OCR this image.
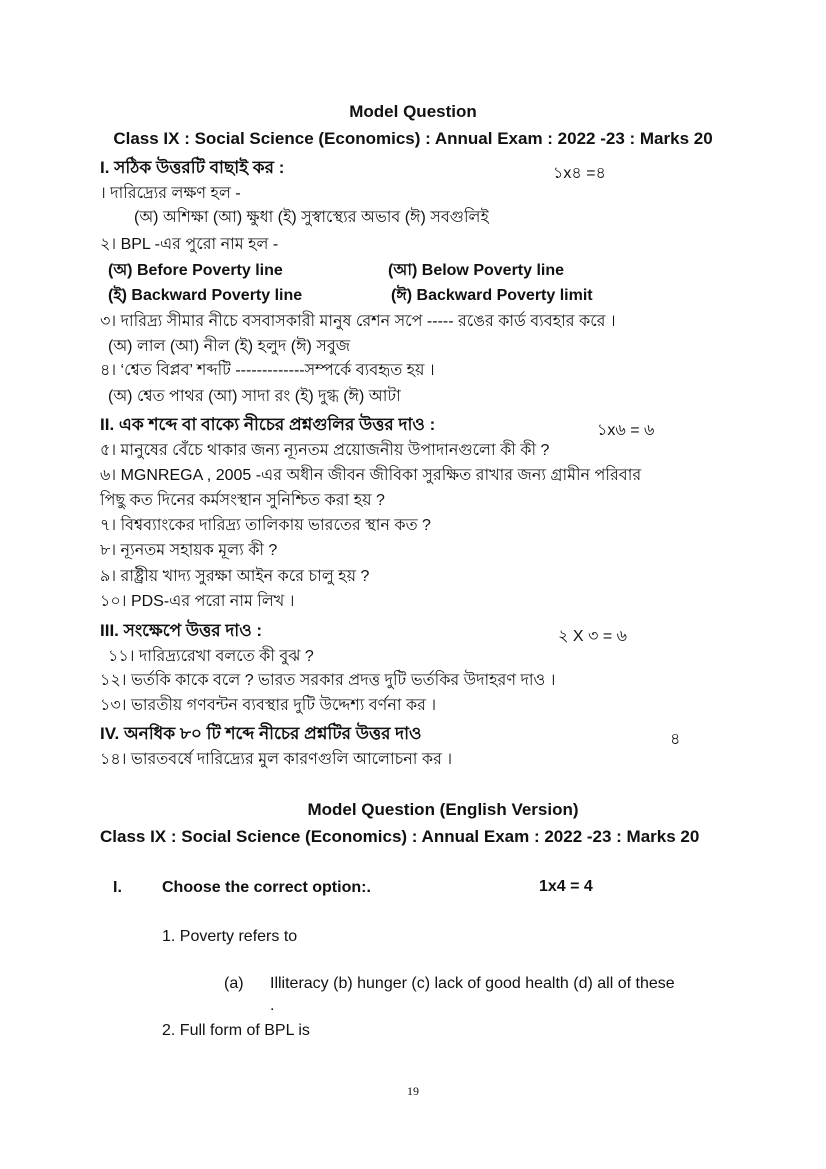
Model Question
Class IX : Social Science (Economics) : Annual Exam : 2022 -23 : Marks 20
I. সঠিক উত্তরটি বাছাই কর :	১x৪ =৪
। দারিদ্র্যের লক্ষণ হল -
(অ) অশিক্ষা (আ) ক্ষুধা (ই) সুস্বাস্থ্যের অভাব (ঈ) সবগুলিই
২। BPL -এর পুরো নাম হল -
(অ) Before Poverty line	(আ) Below Poverty line
(ই) Backward Poverty line	(ঈ) Backward Poverty limit
৩। দারিদ্র্য সীমার নীচে বসবাসকারী মানুষ রেশন সপে ----- রঙের কার্ড ব্যবহার করে ।
(অ) লাল (আ) নীল (ই) হলুদ (ঈ) সবুজ
৪। ‘শ্বেত বিপ্লব’ শব্দটি -------------সম্পর্কে ব্যবহৃত হয় ।
(অ) শ্বেত পাথর (আ) সাদা রং (ই) দুগ্ধ (ঈ) আটা
II. এক শব্দে বা বাক্যে নীচের প্রশ্নগুলির উত্তর দাও :	১x৬ = ৬
৫। মানুষের বেঁচে থাকার জন্য ন্যূনতম প্রয়োজনীয় উপাদানগুলো কী কী ?
৬। MGNREGA , 2005 -এর অধীন জীবন জীবিকা সুরক্ষিত রাখার জন্য গ্রামীন পরিবার
পিছু কত দিনের কর্মসংস্থান সুনিশ্চিত করা হয় ?
৭। বিশ্বব্যাংকের দারিদ্র্য তালিকায় ভারতের স্থান কত ?
৮। ন্যূনতম সহায়ক মূল্য কী ?
৯। রাষ্ট্রীয় খাদ্য সুরক্ষা আইন করে চালু হয় ?
১০। PDS-এর পরো নাম লিখ ।
III. সংক্ষেপে উত্তর দাও :	২ X ৩ = ৬
১১। দারিদ্র্যরেখা বলতে কী বুঝ ?
১২। ভর্তকি কাকে বলে ? ভারত সরকার প্রদত্ত দুটি ভর্তকির উদাহরণ দাও ।
১৩। ভারতীয় গণবন্টন ব্যবস্থার দুটি উদ্দেশ্য বর্ণনা কর ।
IV. অনধিক ৮০ টি শব্দে নীচের প্রশ্নটির উত্তর দাও	৪
১৪। ভারতবর্ষে দারিদ্র্যের মুল কারণগুলি আলোচনা কর ।
Model Question (English Version)
Class IX : Social Science (Economics) : Annual Exam : 2022 -23 : Marks 20
I.	Choose the correct option:.	1x4 = 4
1. Poverty refers to
(a) Illiteracy (b) hunger (c) lack of good health (d) all of these
.
2. Full form of BPL is
19
